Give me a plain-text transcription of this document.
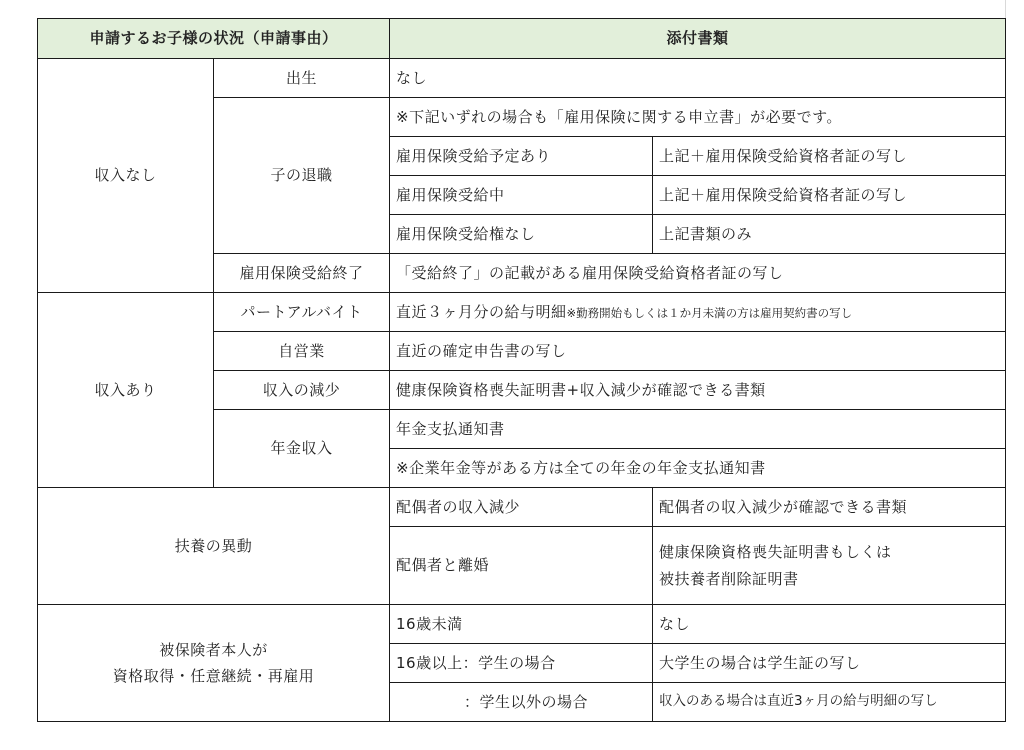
申請するお子様の状況（申請事由）		添付書類	
収入なし	出生	なし	
	子の退職	※下記いずれの場合も「雇用保険に関する申立書」が必要です。	
		雇用保険受給予定あり	上記＋雇用保険受給資格者証の写し
		雇用保険受給中	上記＋雇用保険受給資格者証の写し
		雇用保険受給権なし	上記書類のみ
	雇用保険受給終了	「受給終了」の記載がある雇用保険受給資格者証の写し	
収入あり	パートアルバイト	直近３ヶ月分の給与明細※勤務開始もしくは１か月未満の方は雇用契約書の写し	
	自営業	直近の確定申告書の写し	
	収入の減少	健康保険資格喪失証明書+収入減少が確認できる書類	
	年金収入	年金支払通知書	
		※企業年金等がある方は全ての年金の年金支払通知書	
扶養の異動		配偶者の収入減少	配偶者の収入減少が確認できる書類
		配偶者と離婚	健康保険資格喪失証明書もしくは
被扶養者削除証明書

被保険者本人が
資格取得・任意継続・再雇用		16歳未満	なし
		16歳以上：学生の場合	大学生の場合は学生証の写し
		：学生以外の場合	収入のある場合は直近3ヶ月の給与明細の写し
